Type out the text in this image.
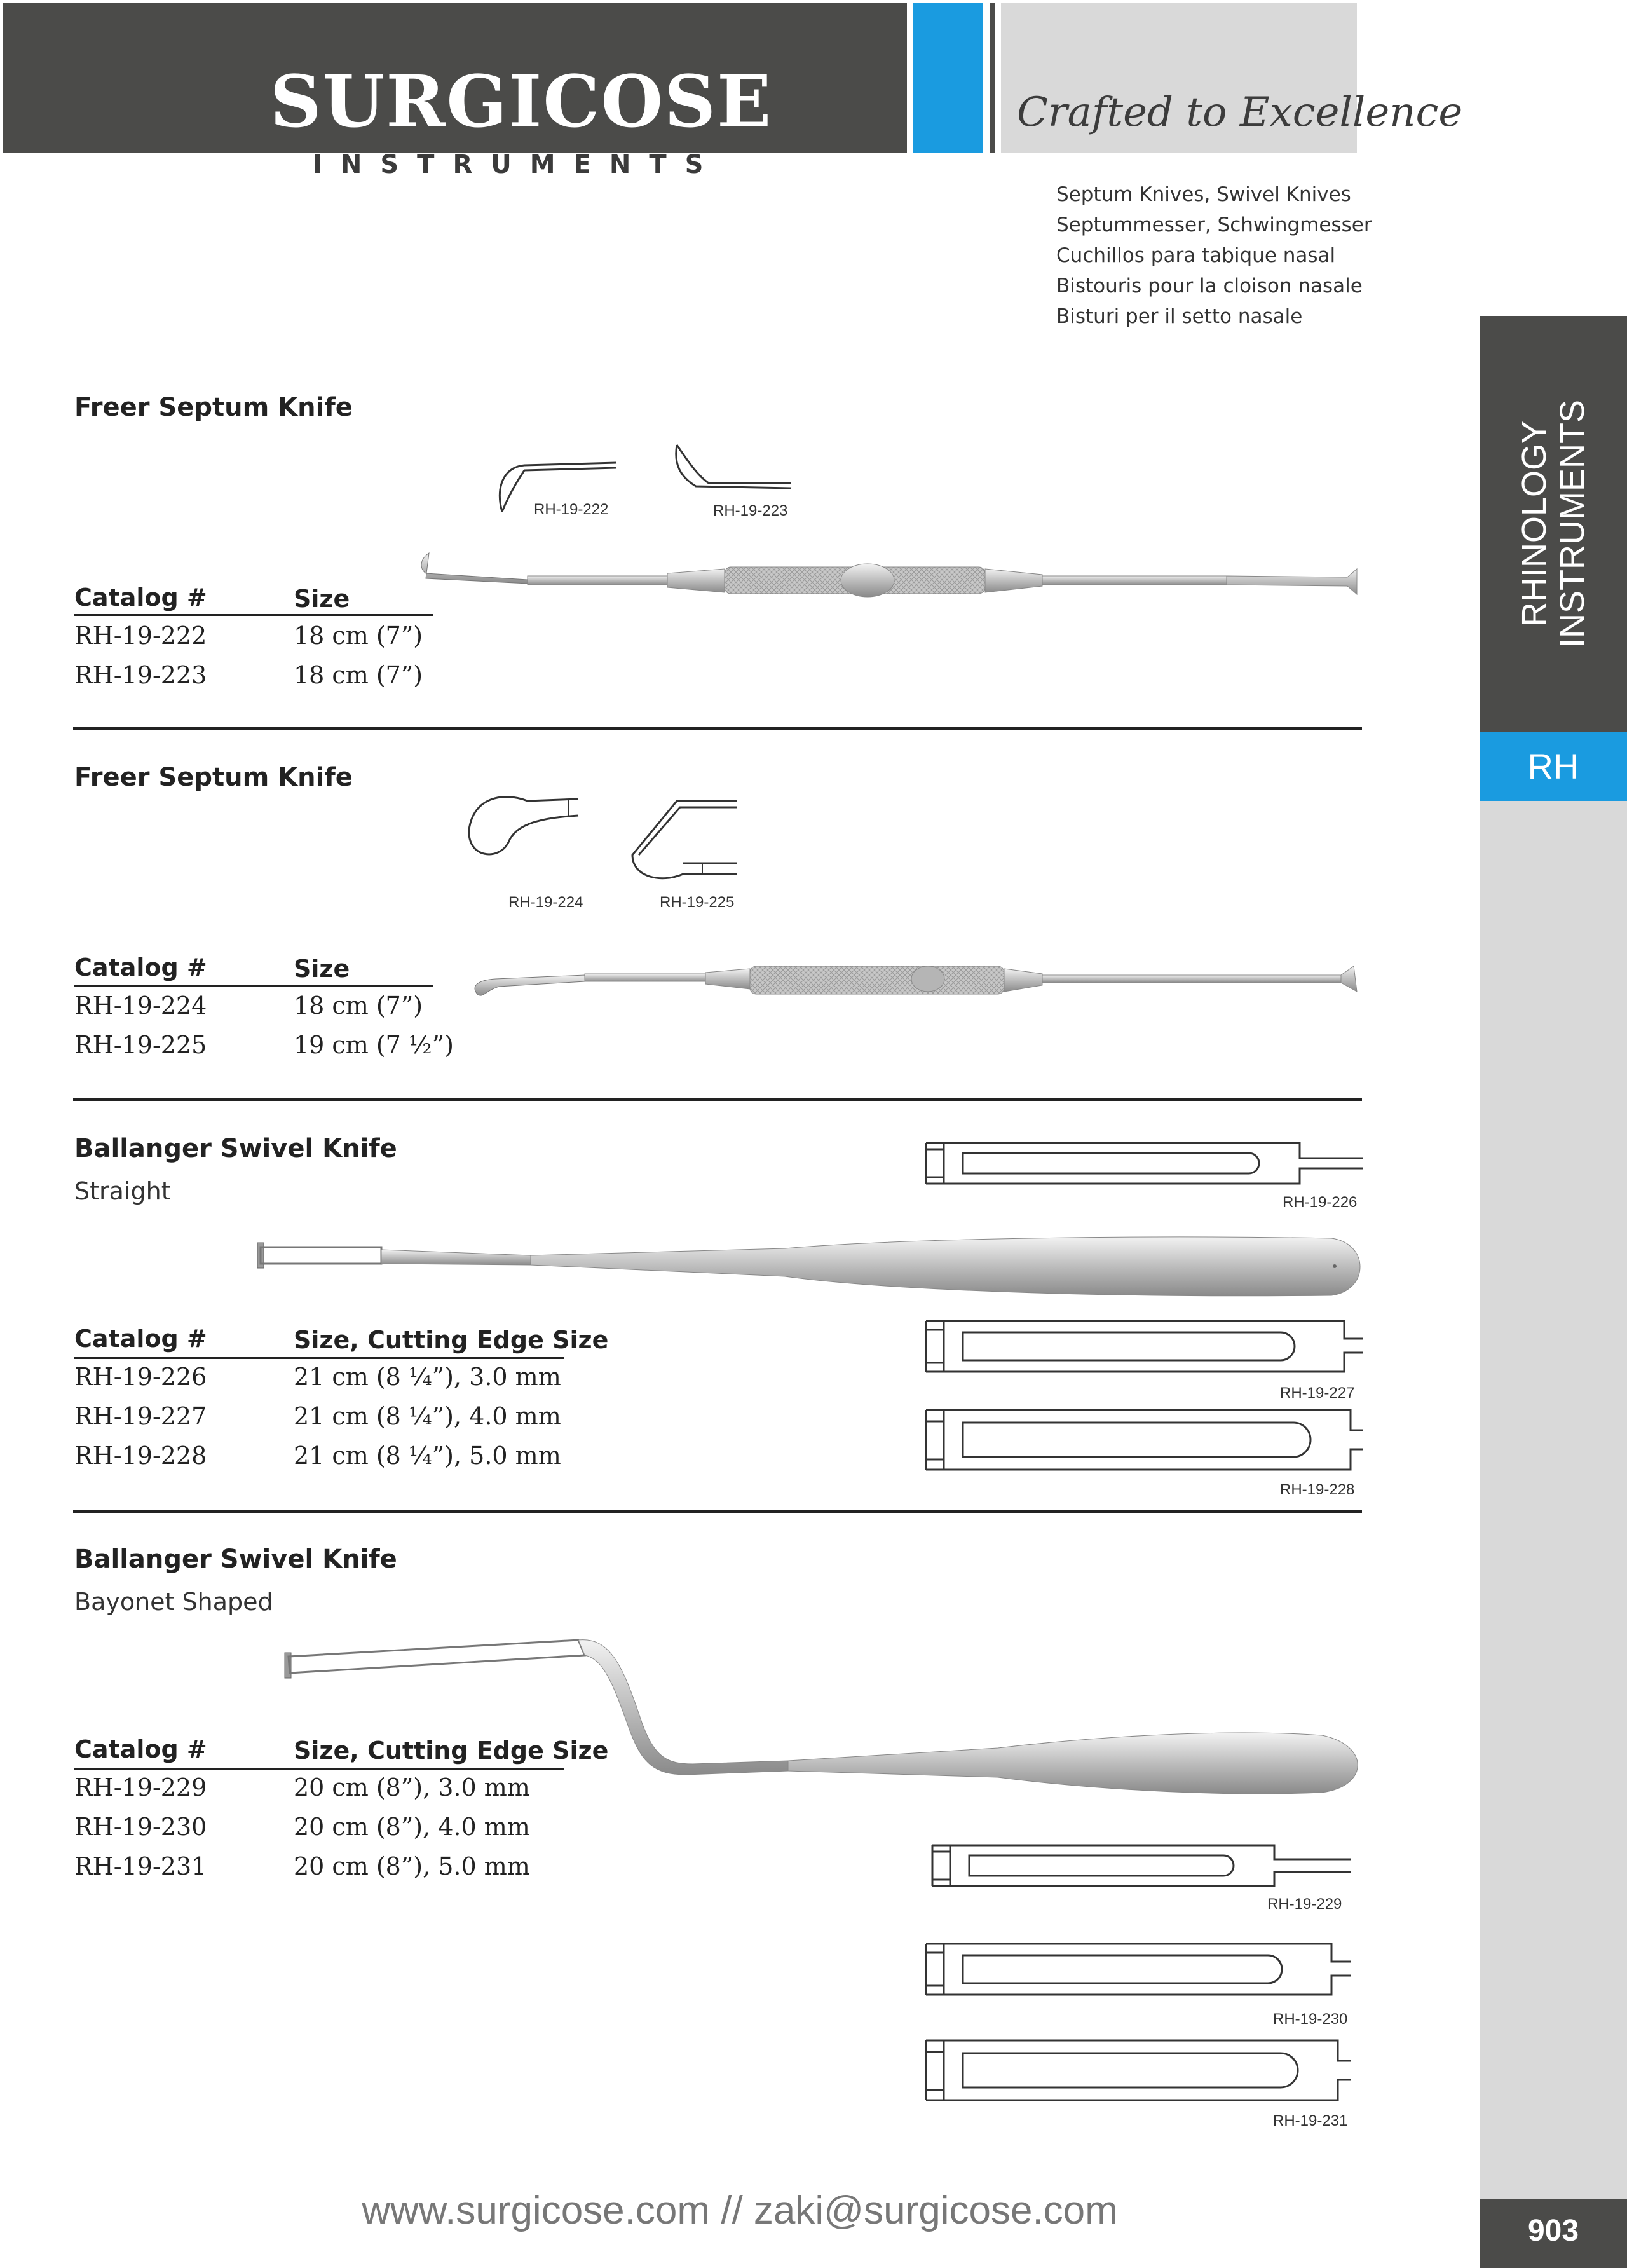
SURGICOSE
INSTRUMENTS
Crafted to Excellence
Septum Knives, Swivel Knives
Septummesser, Schwingmesser
Cuchillos para tabique nasal
Bistouris pour la cloison nasale
Bisturi per il setto nasale
RHINOLOGY INSTRUMENTS
RH
903
Freer Septum Knife
RH-19-222	RH-19-223
Catalog #	Size
RH-19-222	18 cm (7”)
RH-19-223	18 cm (7”)
Freer Septum Knife
RH-19-224	RH-19-225
Catalog #	Size
RH-19-224	18 cm (7”)
RH-19-225	19 cm (7 ½”)
Ballanger Swivel Knife
Straight	RH-19-226
RH-19-227
RH-19-228
Catalog #	Size, Cutting Edge Size
RH-19-226	21 cm (8 ¼”), 3.0 mm
RH-19-227	21 cm (8 ¼”), 4.0 mm
RH-19-228	21 cm (8 ¼”), 5.0 mm
Ballanger Swivel Knife
Bayonet Shaped
Catalog #	Size, Cutting Edge Size
RH-19-229	20 cm (8”), 3.0 mm
RH-19-230	20 cm (8”), 4.0 mm
RH-19-231	20 cm (8”), 5.0 mm
RH-19-229
RH-19-230
RH-19-231
www.surgicose.com // zaki@surgicose.com
